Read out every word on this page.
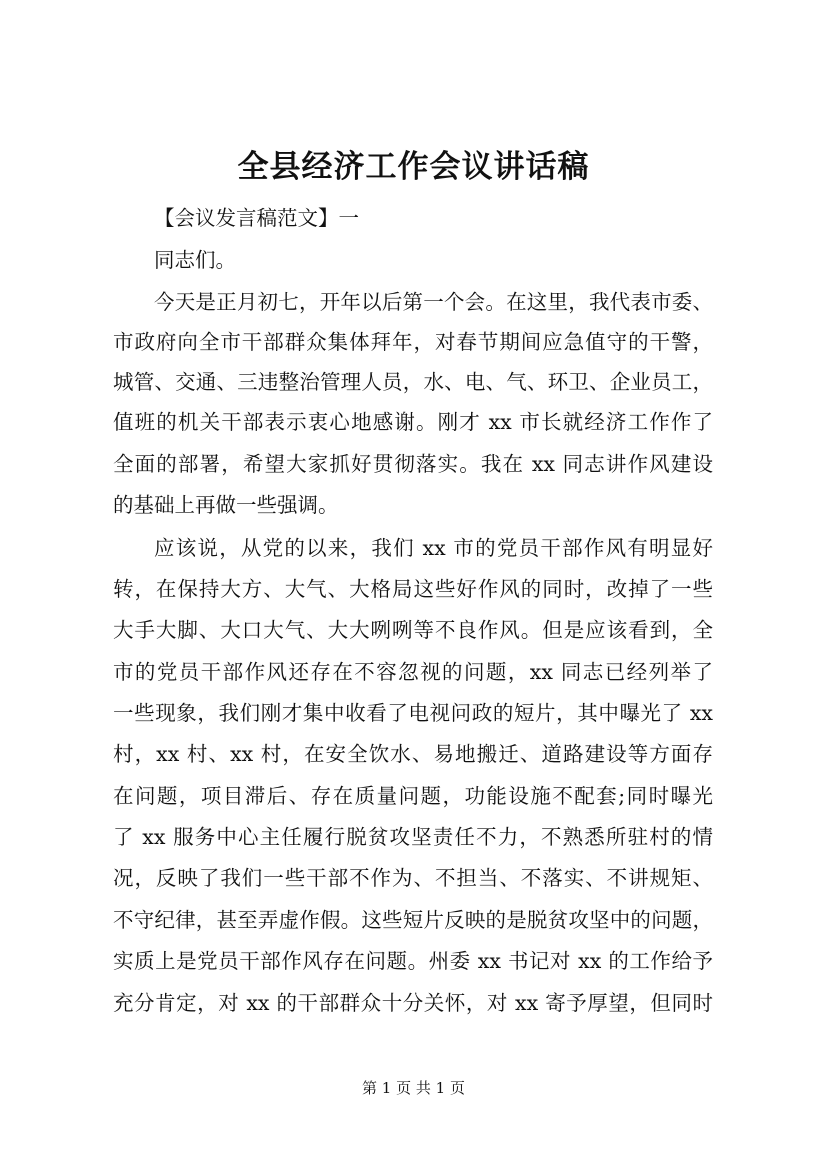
全县经济工作会议讲话稿
【会议发言稿范文】一
同志们。
今天是正月初七，开年以后第一个会。在这里，我代表市委、
市政府向全市干部群众集体拜年，对春节期间应急值守的干警，
城管、交通、三违整治管理人员，水、电、气、环卫、企业员工，
值班的机关干部表示衷心地感谢。刚才 xx 市长就经济工作作了
全面的部署，希望大家抓好贯彻落实。我在 xx 同志讲作风建设
的基础上再做一些强调。
应该说，从党的以来，我们 xx 市的党员干部作风有明显好
转，在保持大方、大气、大格局这些好作风的同时，改掉了一些
大手大脚、大口大气、大大咧咧等不良作风。但是应该看到，全
市的党员干部作风还存在不容忽视的问题，xx 同志已经列举了
一些现象，我们刚才集中收看了电视问政的短片，其中曝光了 xx
村，xx 村、xx 村，在安全饮水、易地搬迁、道路建设等方面存
在问题，项目滞后、存在质量问题，功能设施不配套;同时曝光
了 xx 服务中心主任履行脱贫攻坚责任不力，不熟悉所驻村的情
况，反映了我们一些干部不作为、不担当、不落实、不讲规矩、
不守纪律，甚至弄虚作假。这些短片反映的是脱贫攻坚中的问题，
实质上是党员干部作风存在问题。州委 xx 书记对 xx 的工作给予
充分肯定，对 xx 的干部群众十分关怀，对 xx 寄予厚望，但同时
第 1 页 共 1 页
